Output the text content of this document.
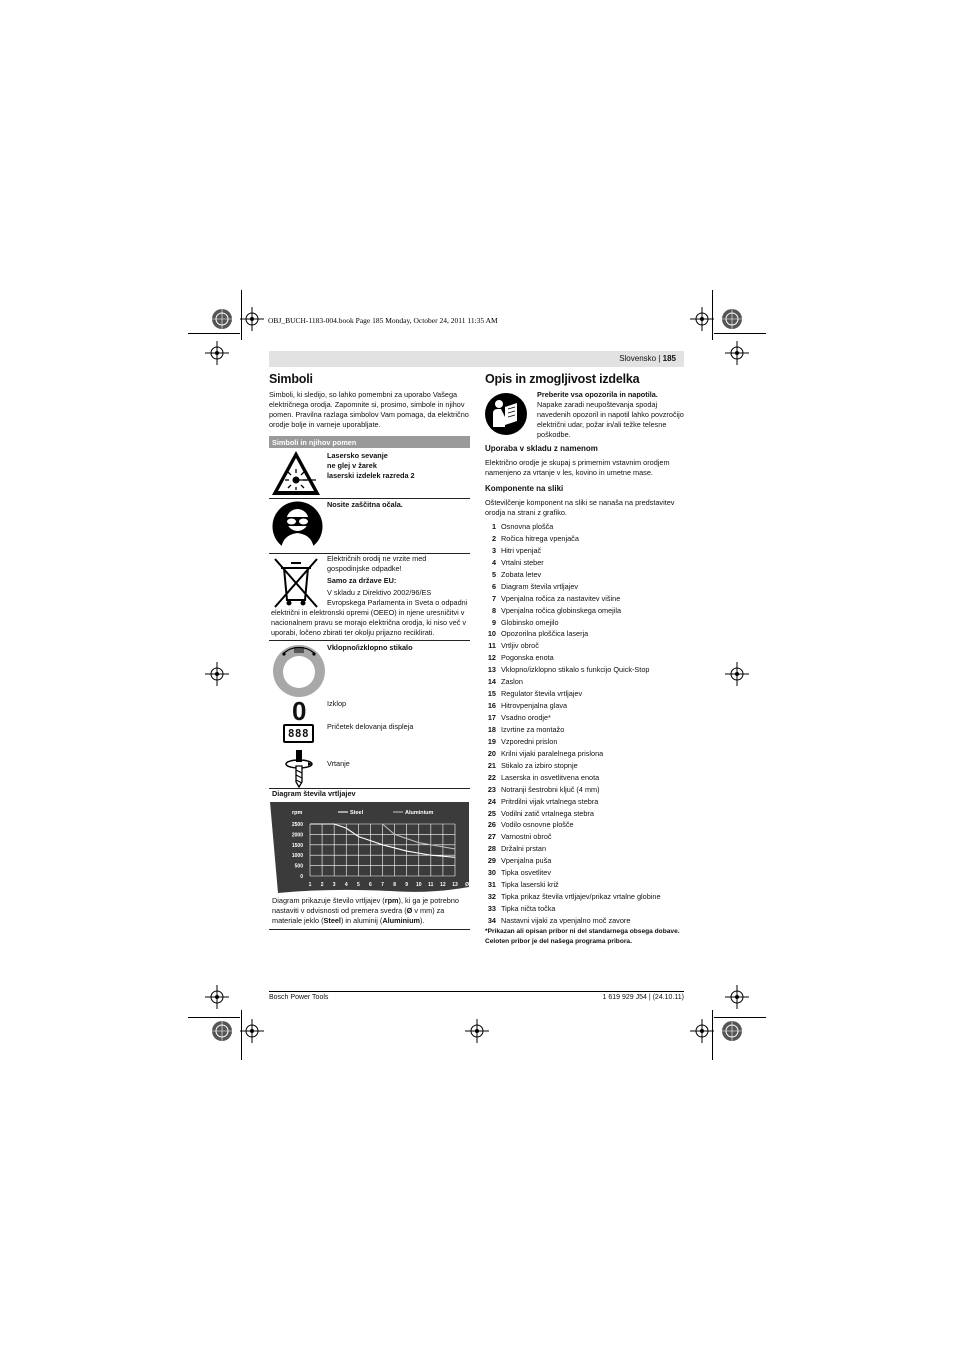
OBJ_BUCH-1183-004.book Page 185 Monday, October 24, 2011 11:35 AM
Slovensko | 185
Simboli
Simboli, ki sledijo, so lahko pomembni za uporabo Vašega električnega orodja. Zapomnite si, prosimo, simbole in njihov pomen. Pravilna razlaga simbolov Vam pomaga, da električno orodje bolje in varneje uporabljate.
Simboli in njihov pomen
Lasersko sevanje
ne glej v žarek
laserski izdelek razreda 2
Nosite zaščitna očala.
Električnih orodij ne vrzite med
gospodinjske odpadke!
Samo za države EU:
V skladu z Direktivo 2002/96/ES
Evropskega Parlamenta in Sveta o odpadni
električni in elektronski opremi (OEEO) in njene uresničitvi v nacionalnem pravu se morajo električna orodja, ki niso več v uporabi, ločeno zbirati ter okolju prijazno reciklirati.
Vklopno/izklopno stikalo
0	Izklop
888
Pričetek delovanja displeja
Vrtanje
Diagram števila vrtljajev
rpm
0
500
1000
1500
2000
2500
1 2 3 4 5 6 7 8 9 10 11 12 13 Ø
Steel	Aluminium
Diagram prikazuje število vrtljajev (rpm), ki ga je potrebno nastaviti v odvisnosti od premera svedra (Ø v mm) za materiale jeklo (Steel) in aluminij (Aluminium).
Opis in zmogljivost izdelka
Preberite vsa opozorila in napotila. Napake zaradi neupoštevanja spodaj navedenih opozoril in napotil lahko povzročijo električni udar, požar in/ali težke telesne poškodbe.
Uporaba v skladu z namenom
Električno orodje je skupaj s primernim vstavnim orodjem namenjeno za vrtanje v les, kovino in umetne mase.
Komponente na sliki
Oštevilčenje komponent na sliki se nanaša na predstavitev orodja na strani z grafiko.
1 Osnovna plošča
2 Ročica hitrega vpenjača
3 Hitri vpenjač
4 Vrtalni steber
5 Zobata letev
6 Diagram števila vrtljajev
7 Vpenjalna ročica za nastavitev višine
8 Vpenjalna ročica globinskega omejila
9 Globinsko omejilo
10 Opozorilna ploščica laserja
11 Vrtljiv obroč
12 Pogonska enota
13 Vklopno/izklopno stikalo s funkcijo Quick-Stop
14 Zaslon
15 Regulator števila vrtljajev
16 Hitrovpenjalna glava
17 Vsadno orodje*
18 Izvrtine za montažo
19 Vzporedni prislon
20 Krilni vijaki paralelnega prislona
21 Stikalo za izbiro stopnje
22 Laserska in osvetlitvena enota
23 Notranji šestrobni ključ (4 mm)
24 Pritrdilni vijak vrtalnega stebra
25 Vodilni zatič vrtalnega stebra
26 Vodilo osnovne plošče
27 Varnostni obroč
28 Držalni prstan
29 Vpenjalna puša
30 Tipka osvetlitev
31 Tipka laserski križ
32 Tipka prikaz števila vrtljajev/prikaz vrtalne globine
33 Tipka ničta točka
34 Nastavni vijaki za vpenjalno moč zavore
*Prikazan ali opisan pribor ni del standarnega obsega dobave.
Celoten pribor je del našega programa pribora.
Bosch Power Tools	1 619 929 J54 | (24.10.11)
